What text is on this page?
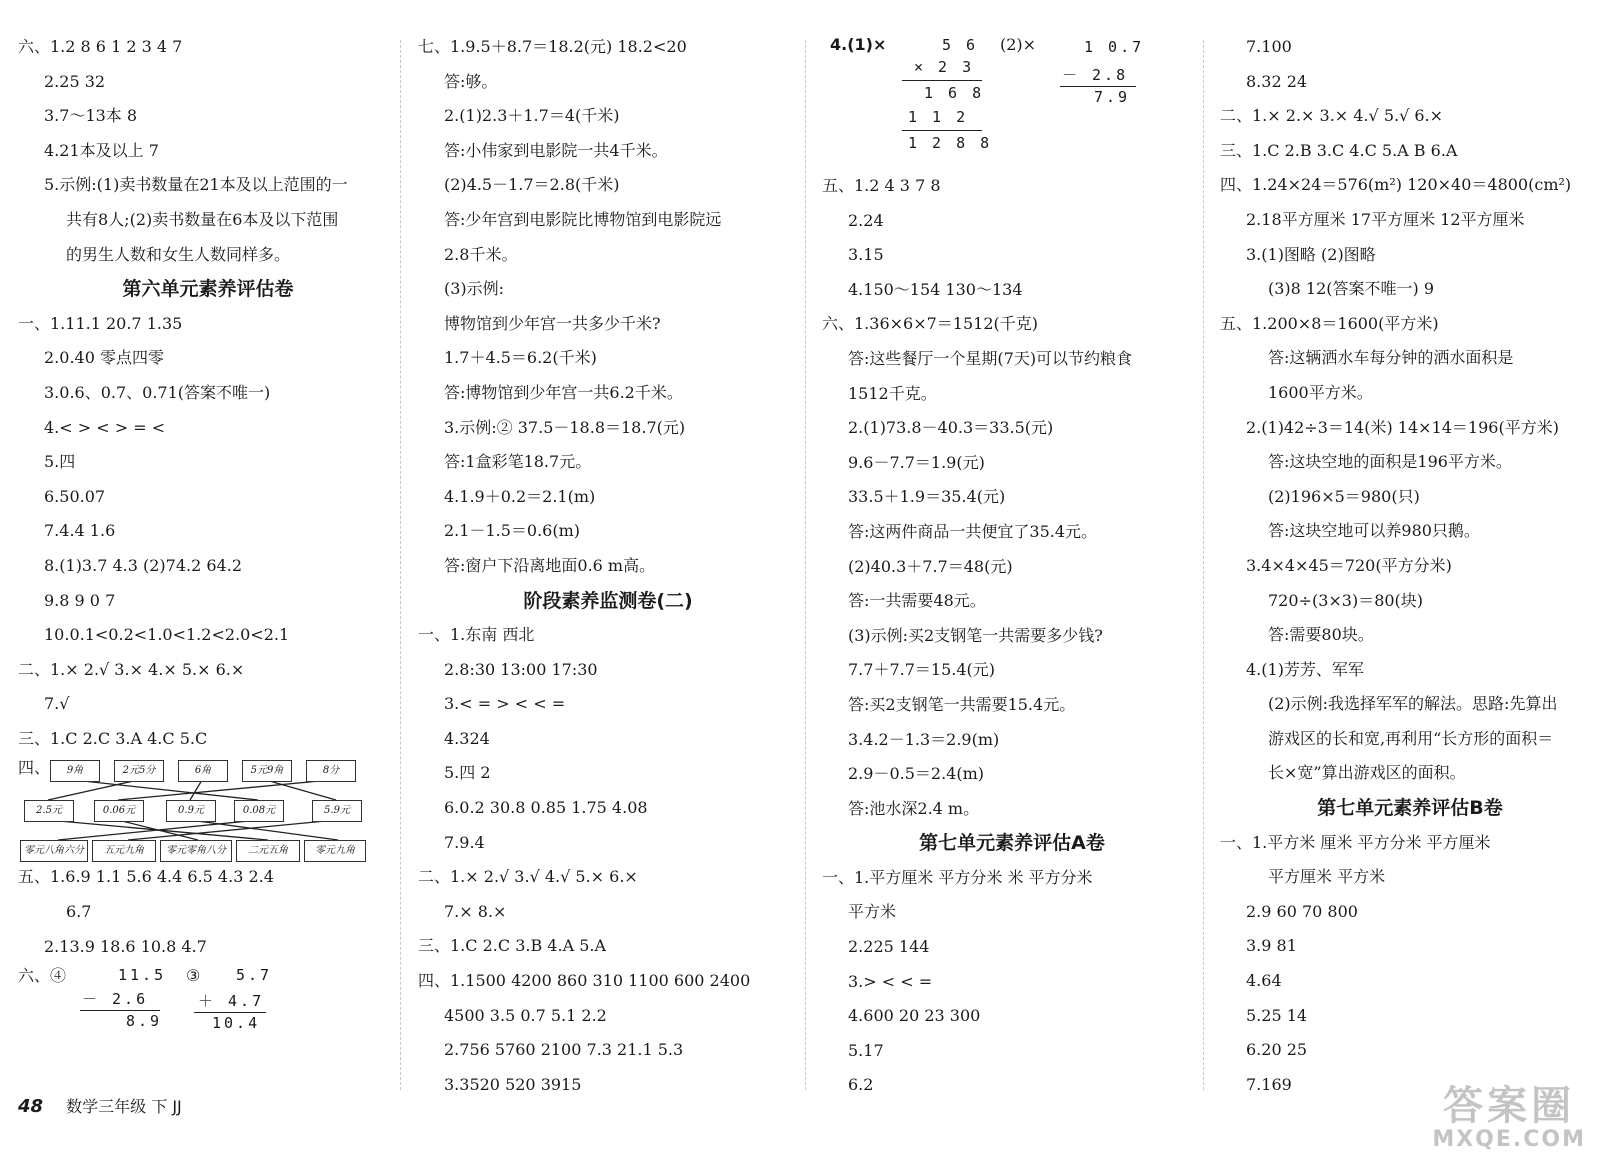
六、1.2 8 6 1 2 3 4 7
2.25 32
3.7～13本 8
4.21本及以上 7
5.示例:(1)卖书数量在21本及以上范围的一
共有8人;(2)卖书数量在6本及以下范围
的男生人数和女生人数同样多。
第六单元素养评估卷
一、1.11.1 20.7 1.35
2.0.40 零点四零
3.0.6、0.7、0.71(答案不唯一)
4.< > < > = <
5.四
6.50.07
7.4.4 1.6
8.(1)3.7 4.3 (2)74.2 64.2
9.8 9 0 7
10.0.1<0.2<1.0<1.2<2.0<2.1
二、1.× 2.√ 3.× 4.× 5.× 6.×
7.√
三、1.C 2.C 3.A 4.C 5.C
四、	9角	2元5分	6角	5元9角	8分
2.5元	0.06元	0.9元	0.08元	5.9元
零元八角六分	五元九角	零元零角八分	二元五角	零元九角
五、1.6.9 1.1 5.6 4.4 6.5 4.3 2.4
6.7
2.13.9 18.6 10.8 4.7
六、④	11.5
－ 2.6
8.9
③ 5.7
＋ 4.7
10.4
七、1.9.5＋8.7＝18.2(元) 18.2<20
答:够。
2.(1)2.3＋1.7＝4(千米)
答:小伟家到电影院一共4千米。
(2)4.5－1.7＝2.8(千米)
答:少年宫到电影院比博物馆到电影院远
2.8千米。
(3)示例:
博物馆到少年宫一共多少千米?
1.7＋4.5＝6.2(千米)
答:博物馆到少年宫一共6.2千米。
3.示例:② 37.5－18.8＝18.7(元)
答:1盒彩笔18.7元。
4.1.9＋0.2＝2.1(m)
2.1－1.5＝0.6(m)
答:窗户下沿离地面0.6 m高。
阶段素养监测卷(二)
一、1.东南 西北
2.8:30 13:00 17:30
3.< = > < < =
4.324
5.四 2
6.0.2 30.8 0.85 1.75 4.08
7.9.4
二、1.× 2.√ 3.√ 4.√ 5.× 6.×
7.× 8.×
三、1.C 2.C 3.B 4.A 5.A
四、1.1500 4200 860 310 1100 600 2400
4500 3.5 0.7 5.1 2.2
2.756 5760 2100 7.3 21.1 5.3
3.3520 520 3915
4.(1)×	5 6
× 2 3
1 6 8
1 1 2
1 2 8 8
(2)×	1 0.7
－ 2.8
7.9
五、1.2 4 3 7 8
2.24
3.15
4.150～154 130～134
六、1.36×6×7＝1512(千克)
答:这些餐厅一个星期(7天)可以节约粮食
1512千克。
2.(1)73.8－40.3＝33.5(元)
9.6－7.7＝1.9(元)
33.5＋1.9＝35.4(元)
答:这两件商品一共便宜了35.4元。
(2)40.3＋7.7＝48(元)
答:一共需要48元。
(3)示例:买2支钢笔一共需要多少钱?
7.7＋7.7＝15.4(元)
答:买2支钢笔一共需要15.4元。
3.4.2－1.3＝2.9(m)
2.9－0.5＝2.4(m)
答:池水深2.4 m。
第七单元素养评估A卷
一、1.平方厘米 平方分米 米 平方分米
平方米
2.225 144
3.> < < =
4.600 20 23 300
5.17
6.2
7.100
8.32 24
二、1.× 2.× 3.× 4.√ 5.√ 6.×
三、1.C 2.B 3.C 4.C 5.A B 6.A
四、1.24×24＝576(m²) 120×40＝4800(cm²)
2.18平方厘米 17平方厘米 12平方厘米
3.(1)图略 (2)图略
(3)8 12(答案不唯一) 9
五、1.200×8＝1600(平方米)
答:这辆洒水车每分钟的洒水面积是
1600平方米。
2.(1)42÷3＝14(米) 14×14＝196(平方米)
答:这块空地的面积是196平方米。
(2)196×5＝980(只)
答:这块空地可以养980只鹅。
3.4×4×45＝720(平方分米)
720÷(3×3)＝80(块)
答:需要80块。
4.(1)芳芳、军军
(2)示例:我选择军军的解法。思路:先算出
游戏区的长和宽,再利用“长方形的面积＝
长×宽”算出游戏区的面积。
第七单元素养评估B卷
一、1.平方米 厘米 平方分米 平方厘米
平方厘米 平方米
2.9 60 70 800
3.9 81
4.64
5.25 14
6.20 25
7.169
48 数学三年级 下 JJ	答案圈
MXQE.COM
